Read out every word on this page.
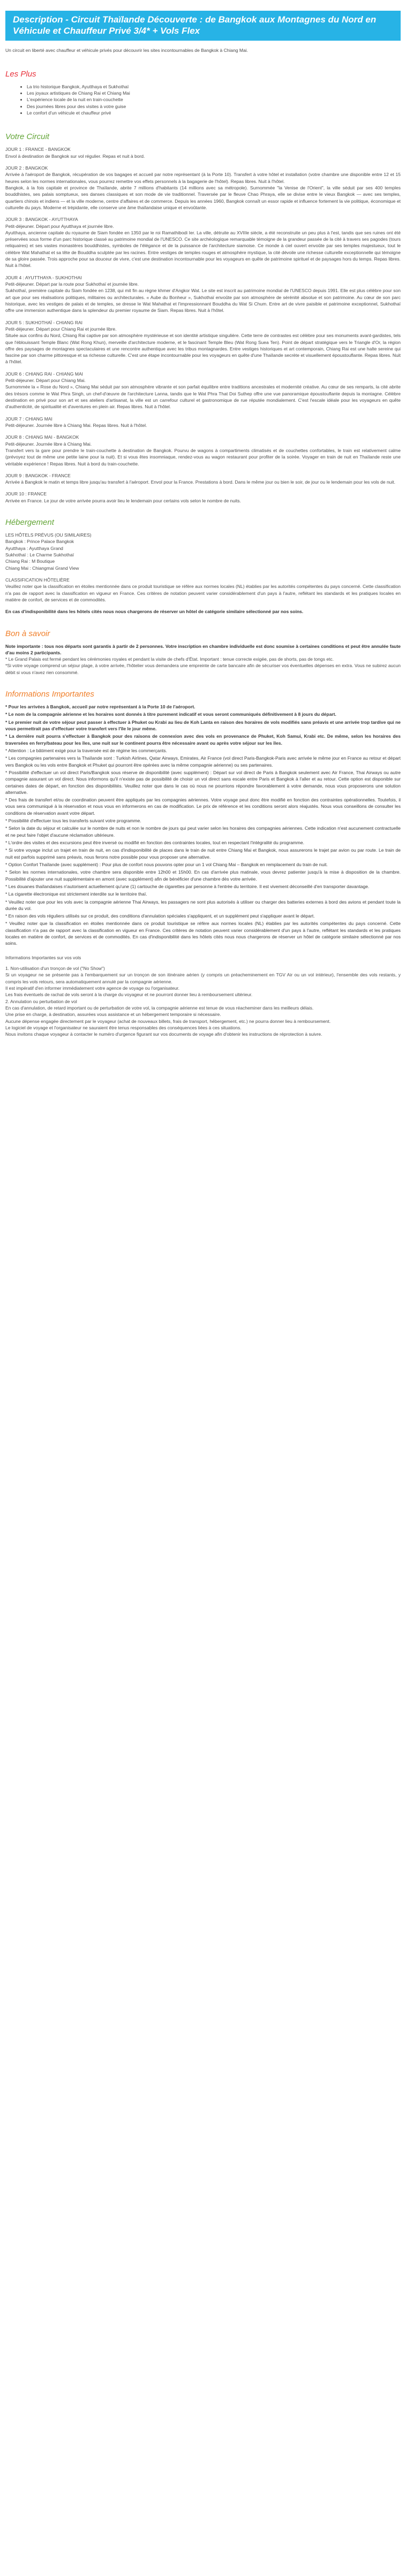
Description - Circuit Thaïlande Découverte : de Bangkok aux Montagnes du Nord en Véhicule et Chauffeur Privé 3/4* + Vols Flex

Un circuit en liberté avec chauffeur et véhicule privés pour découvrir les sites incontournables de Bangkok à Chiang Mai.

Les Plus
• La trio historique Bangkok, Ayutthaya et Sukhothaï
• Les joyaux artistiques de Chiang Rai et Chiang Mai
• L'expérience locale de la nuit en train-couchette
• Des journées libres pour des visites à votre guise
• Le confort d'un véhicule et chauffeur privé
Votre Circuit

JOUR 1 : FRANCE - BANGKOK

Envol à destination de Bangkok sur vol régulier. Repas et nuit à bord.

JOUR 2 : BANGKOK

Arrivée à l'aéroport de Bangkok, récupération de vos bagages et accueil par notre représentant (à la Porte 10). Transfert à votre hôtel et installation (votre chambre une disponible entre 12 et 15 heures selon les normes internationales, vous pourrez remettre vos effets personnels à la bagagerie de l'hôtel). Repas libres. Nuit à l'hôtel.

Bangkok, à la fois capitale et province de Thaïlande, abrite 7 millions d'habitants (14 millions avec sa métropole). Surnommée "la Venise de l'Orient", la ville séduit par ses 400 temples bouddhistes, ses palais somptueux, ses danses classiques et son mode de vie traditionnel. Traversée par le fleuve Chao Phraya, elle se divise entre le vieux Bangkok — avec ses temples, quartiers chinois et indiens — et la ville moderne, centre d'affaires et de commerce. Depuis les années 1960, Bangkok connaît un essor rapide et influence fortement la vie politique, économique et culturelle du pays. Moderne et trépidante, elle conserve une âme thaïlandaise unique et envoûtante.

JOUR 3 : BANGKOK - AYUTTHAYA

Petit-déjeuner. Départ pour Ayutthaya et journée libre.

Ayutthaya, ancienne capitale du royaume de Siam fondée en 1350 par le roi Ramathibodi Ier. La ville, détruite au XVIIIe siècle, a été reconstruite un peu plus à l'est, tandis que ses ruines ont été préservées sous forme d'un parc historique classé au patrimoine mondial de l'UNESCO. Ce site archéologique remarquable témoigne de la grandeur passée de la cité à travers ses pagodes (tours reliquaires) et ses vastes monastères bouddhistes, symboles de l'élégance et de la puissance de l'architecture siamoise. Ce monde à ciel ouvert envoûte par ses temples majestueux, tout le célèbre Wat Mahathat et sa tête de Bouddha sculptée par les racines. Entre vestiges de temples rouges et atmosphère mystique, la cité dévoile une richesse culturelle exceptionnelle qui témoigne de sa gloire passée. Trois approche pour sa douceur de vivre, c'est une destination incontournable pour les voyageurs en quête de patrimoine spirituel et de paysages hors du temps. Repas libres. Nuit à l'hôtel.

JOUR 4 : AYUTTHAYA - SUKHOTHAI

Petit-déjeuner. Départ par la route pour Sukhothaï et journée libre.

Sukhothaï, première capitale du Siam fondée en 1238, qui mit fin au règne khmer d'Angkor Wat. Le site est inscrit au patrimoine mondial de l'UNESCO depuis 1991. Elle est plus célèbre pour son art que pour ses réalisations politiques, militaires ou architecturales. « Aube du Bonheur », Sukhothaï envoûte par son atmosphère de sérénité absolue et son patrimoine. Au cœur de son parc historique, avec les vestiges de palais et de temples, se dresse le Wat Mahathat et l'impressionnant Bouddha du Wat Si Chum. Entre art de vivre paisible et patrimoine exceptionnel, Sukhothaï offre une immersion authentique dans la splendeur du premier royaume de Siam. Repas libres. Nuit à l'hôtel.

JOUR 5 : SUKHOTHAÏ - CHIANG RAI

Petit-déjeuner. Départ pour Chiang Rai et journée libre.

Située aux confins du Nord, Chiang Rai captive par son atmosphère mystérieuse et son identité artistique singulière. Cette terre de contrastes est célèbre pour ses monuments avant-gardistes, tels que l'éblouissant Temple Blanc (Wat Rong Khun), merveille d'architecture moderne, et le fascinant Temple Bleu (Wat Rong Suea Ten). Point de départ stratégique vers le Triangle d'Or, la région offre des paysages de montagnes spectaculaires et une rencontre authentique avec les tribus montagnardes. Entre vestiges historiques et art contemporain, Chiang Rai est une halte sereine qui fascine par son charme pittoresque et sa richesse culturelle. C'est une étape incontournable pour les voyageurs en quête d'une Thaïlande secrète et visuellement époustouflante. Repas libres. Nuit à l'hôtel.

JOUR 6 : CHIANG RAI - CHIANG MAI

Petit-déjeuner. Départ pour Chiang Mai.

Surnommée la « Rose du Nord », Chiang Mai séduit par son atmosphère vibrante et son parfait équilibre entre traditions ancestrales et modernité créative. Au cœur de ses remparts, la cité abrite des trésors comme le Wat Phra Singh, un chef-d'œuvre de l'architecture Lanna, tandis que le Wat Phra That Doi Suthep offre une vue panoramique époustouflante depuis la montagne. Célèbre destination en privé pour son art et ses ateliers d'artisanat, la ville est un carrefour culturel et gastronomique de rue réputée mondialement. C'est l'escale idéale pour les voyageurs en quête d'authenticité, de spiritualité et d'aventures en plein air. Repas libres. Nuit à l'hôtel.

JOUR 7 : CHIANG MAI

Petit-déjeuner. Journée libre à Chiang Mai. Repas libres. Nuit à l'hôtel.

JOUR 8 : CHIANG MAI - BANGKOK

Petit-déjeuner. Journée libre à Chiang Mai.

Transfert vers la gare pour prendre le train-couchette à destination de Bangkok. Pourvu de wagons à compartiments climatisés et de couchettes confortables, le train est relativement calme (prévoyez tout de même une petite laine pour la nuit). Et si vous êtes insomniaque, rendez-vous au wagon restaurant pour profiter de la soirée. Voyager en train de nuit en Thaïlande reste une véritable expérience ! Repas libres. Nuit à bord du train-couchette.

JOUR 9 : BANGKOK - FRANCE

Arrivée à Bangkok le matin et temps libre jusqu'au transfert à l'aéroport. Envol pour la France. Prestations à bord. Dans le même jour ou bien le soir, de jour ou le lendemain pour les vols de nuit.

JOUR 10 : FRANCE

Arrivée en France. Le jour de votre arrivée pourra avoir lieu le lendemain pour certains vols selon le nombre de nuits.

Hébergement

LES HÔTELS PRÉVUS (OU SIMILAIRES)

Bangkok : Prince Palace Bangkok

Ayutthaya : Ayutthaya Grand

Sukhothaï : Le Charme Sukhothaï

Chiang Rai : M Boutique

Chiang Mai : Chiangmai Grand View

CLASSIFICATION HÔTELIÈRE

Veuillez noter que la classification en étoiles mentionnée dans ce produit touristique se réfère aux normes locales (NL) établies par les autorités compétentes du pays concerné. Cette classification n'a pas de rapport avec la classification en vigueur en France. Ces critères de notation peuvent varier considérablement d'un pays à l'autre, reflétant les standards et les pratiques locales en matière de confort, de services et de commodités.

En cas d'indisponibilité dans les hôtels cités nous nous chargerons de réserver un hôtel de catégorie similaire sélectionné par nos soins.

Bon à savoir

Note importante : tous nos départs sont garantis à partir de 2 personnes. Votre inscription en chambre individuelle est donc soumise à certaines conditions et peut être annulée faute d'au moins 2 participants.

* Le Grand Palais est fermé pendant les cérémonies royales et pendant la visite de chefs d'État. Important : tenue correcte exigée, pas de shorts, pas de tongs etc.

*Si votre voyage comprend un séjour plage, à votre arrivée, l'hôtelier vous demandera une empreinte de carte bancaire afin de sécuriser vos éventuelles dépenses en extra. Vous ne subirez aucun débit si vous n'avez rien consommé.

Informations Importantes

* Pour les arrivées à Bangkok, accueil par notre représentant à la Porte 10 de l'aéroport.

* Le nom de la compagnie aérienne et les horaires sont donnés à titre purement indicatif et vous seront communiqués définitivement à 8 jours du départ.

* Le premier nuit de votre séjour peut passer à effectuer à Phuket ou Krabi au lieu de Koh Lanta en raison des horaires de vols modifiés sans préavis et une arrivée trop tardive qui ne vous permettrait pas d'effectuer votre transfert vers l'île le jour même.

* La dernière nuit pourra s'effectuer à Bangkok pour des raisons de connexion avec des vols en provenance de Phuket, Koh Samui, Krabi etc. De même, selon les horaires des traversées en ferry/bateau pour les îles, une nuit sur le continent pourra être nécessaire avant ou après votre séjour sur les îles.

* Attention : Le bâtiment exigé pour la traversée est de régime les commerçants.

* Les compagnies partenaires vers la Thaïlande sont : Turkish Airlines, Qatar Airways, Emirates, Air France (vol direct Paris-Bangkok-Paris avec arrivée le même jour en France au retour et départ vers Bangkok ou les vols entre Bangkok et Phuket qui pourront être opérées avec la même compagnie aérienne) ou ses partenaires.

* Possibilité d'effectuer un vol direct Paris/Bangkok sous réserve de disponibilité (avec supplément) : Départ sur vol direct de Paris à Bangkok seulement avec Air France, Thai Airways ou autre compagnie assurant un vol direct. Nous informons qu'il n'existe pas de possibilité de choisir un vol direct sans escale entre Paris et Bangkok à l'aller et au retour. Cette option est disponible sur certaines dates de départ, en fonction des disponibilités. Veuillez noter que dans le cas où nous ne pourrions répondre favorablement à votre demande, nous vous proposerons une solution alternative.

* Des frais de transfert et/ou de coordination peuvent être appliqués par les compagnies aériennes. Votre voyage peut donc être modifié en fonction des contraintes opérationnelles. Toutefois, il vous sera communiqué à la réservation et nous vous en informerons en cas de modification. Le prix de référence et les conditions seront alors réajustés. Nous vous conseillons de consulter les conditions de réservation avant votre départ.

* Possibilité d'effectuer tous les transferts suivant votre programme.

* Selon la date du séjour et calculée sur le nombre de nuits et non le nombre de jours qui peut varier selon les horaires des compagnies aériennes. Cette indication n'est aucunement contractuelle et ne peut faire l'objet d'aucune réclamation ultérieure.

* L'ordre des visites et des excursions peut être inversé ou modifié en fonction des contraintes locales, tout en respectant l'intégralité du programme.

* Si votre voyage inclut un trajet en train de nuit, en cas d'indisponibilité de places dans le train de nuit entre Chiang Mai et Bangkok, nous assurerons le trajet par avion ou par route. Le train de nuit est parfois supprimé sans préavis, nous ferons notre possible pour vous proposer une alternative.

* Option Confort Thaïlande (avec supplément) : Pour plus de confort nous pouvons opter pour un 1 vol Chiang Mai – Bangkok en remplacement du train de nuit.

* Selon les normes internationales, votre chambre sera disponible entre 12h00 et 15h00. En cas d'arrivée plus matinale, vous devrez patienter jusqu'à la mise à disposition de la chambre. Possibilité d'ajouter une nuit supplémentaire en amont (avec supplément) afin de bénéficier d'une chambre dès votre arrivée.

* Les douanes thaïlandaises n'autorisent actuellement qu'une (1) cartouche de cigarettes par personne à l'entrée du territoire. Il est vivement déconseillé d'en transporter davantage.

* La cigarette électronique est strictement interdite sur le territoire thaï.

* Veuillez noter que pour les vols avec la compagnie aérienne Thai Airways, les passagers ne sont plus autorisés à utiliser ou charger des batteries externes à bord des avions et pendant toute la durée du vol.

* En raison des vols réguliers utilisés sur ce produit, des conditions d'annulation spéciales s'appliquent, et un supplément peut s'appliquer avant le départ.

* Veuillez noter que la classification en étoiles mentionnée dans ce produit touristique se réfère aux normes locales (NL) établies par les autorités compétentes du pays concerné. Cette classification n'a pas de rapport avec la classification en vigueur en France. Ces critères de notation peuvent varier considérablement d'un pays à l'autre, reflétant les standards et les pratiques locales en matière de confort, de services et de commodités. En cas d'indisponibilité dans les hôtels cités nous nous chargerons de réserver un hôtel de catégorie similaire sélectionné par nos soins.

Informations Importantes sur vos vols

1. Non-utilisation d'un tronçon de vol ("No Show")

Si un voyageur ne se présente pas à l'embarquement sur un tronçon de son itinéraire aérien (y compris un préacheminement en TGV Air ou un vol intérieur), l'ensemble des vols restants, y compris les vols retours, sera automatiquement annulé par la compagnie aérienne.

Il est impératif d'en informer immédiatement votre agence de voyage ou l'organisateur.

Les frais éventuels de rachat de vols seront à la charge du voyageur et ne pourront donner lieu à remboursement ultérieur.

2. Annulation ou perturbation de vol

En cas d'annulation, de retard important ou de perturbation de votre vol, la compagnie aérienne est tenue de vous réacheminer dans les meilleurs délais.

Une prise en charge, à destination, assurées vous assistance et un hébergement temporaire si nécessaire.

Aucune dépense engagée directement par le voyageur (achat de nouveaux billets, frais de transport, hébergement, etc.) ne pourra donner lieu à remboursement.

Le logiciel de voyage et l'organisateur ne sauraient être tenus responsables des conséquences liées à ces situations.

Nous invitons chaque voyageur à contacter le numéro d'urgence figurant sur vos documents de voyage afin d'obtenir les instructions de réprotection à suivre.
